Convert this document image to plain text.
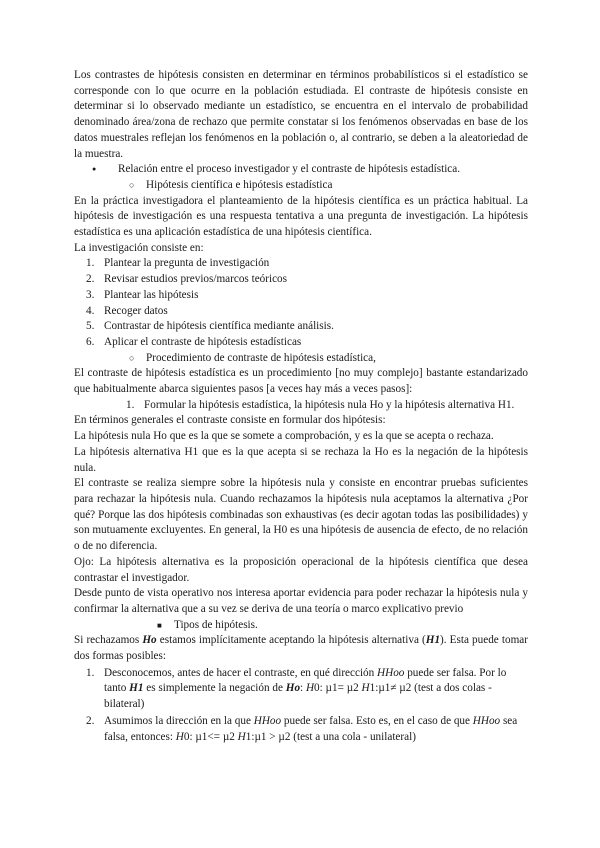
Los contrastes de hipótesis consisten en determinar en términos probabilísticos si el estadístico se corresponde con lo que ocurre en la población estudiada. El contraste de hipótesis consiste en determinar si lo observado mediante un estadístico, se encuentra en el intervalo de probabilidad denominado área/zona de rechazo que permite constatar si los fenómenos observadas en base de los datos muestrales reflejan los fenómenos en la población o, al contrario, se deben a la aleatoriedad de la muestra.

● Relación entre el proceso investigador y el contraste de hipótesis estadística.
○ Hipótesis científica e hipótesis estadística

En la práctica investigadora el planteamiento de la hipótesis científica es un práctica habitual. La hipótesis de investigación es una respuesta tentativa a una pregunta de investigación. La hipótesis estadística es una aplicación estadística de una hipótesis científica.

La investigación consiste en:

1. Plantear la pregunta de investigación
2. Revisar estudios previos/marcos teóricos
3. Plantear las hipótesis
4. Recoger datos
5. Contrastar de hipótesis científica mediante análisis.
6. Aplicar el contraste de hipótesis estadísticas
○ Procedimiento de contraste de hipótesis estadística,

El contraste de hipótesis estadística es un procedimiento [no muy complejo] bastante estandarizado que habitualmente abarca siguientes pasos [a veces hay más a veces pasos]:

1. Formular la hipótesis estadística, la hipótesis nula Ho y la hipótesis alternativa H1.

En términos generales el contraste consiste en formular dos hipótesis:

La hipótesis nula Ho que es la que se somete a comprobación, y es la que se acepta o rechaza.

La hipótesis alternativa H1 que es la que acepta si se rechaza la Ho es la negación de la hipótesis nula.

El contraste se realiza siempre sobre la hipótesis nula y consiste en encontrar pruebas suficientes para rechazar la hipótesis nula. Cuando rechazamos la hipótesis nula aceptamos la alternativa ¿Por qué? Porque las dos hipótesis combinadas son exhaustivas (es decir agotan todas las posibilidades) y son mutuamente excluyentes. En general, la H0 es una hipótesis de ausencia de efecto, de no relación o de no diferencia.

Ojo: La hipótesis alternativa es la proposición operacional de la hipótesis científica que desea contrastar el investigador.

Desde punto de vista operativo nos interesa aportar evidencia para poder rechazar la hipótesis nula y confirmar la alternativa que a su vez se deriva de una teoría o marco explicativo previo

■ Tipos de hipótesis.

Si rechazamos Ho estamos implícitamente aceptando la hipótesis alternativa (H1). Esta puede tomar dos formas posibles:

1. Desconocemos, antes de hacer el contraste, en qué dirección HHoo puede ser falsa. Por lo tanto H1 es simplemente la negación de Ho: H0: µ1= µ2 H1:µ1≠ µ2 (test a dos colas - bilateral)
2. Asumimos la dirección en la que HHoo puede ser falsa. Esto es, en el caso de que HHoo sea falsa, entonces: H0: µ1<= µ2 H1:µ1 > µ2 (test a una cola - unilateral)
